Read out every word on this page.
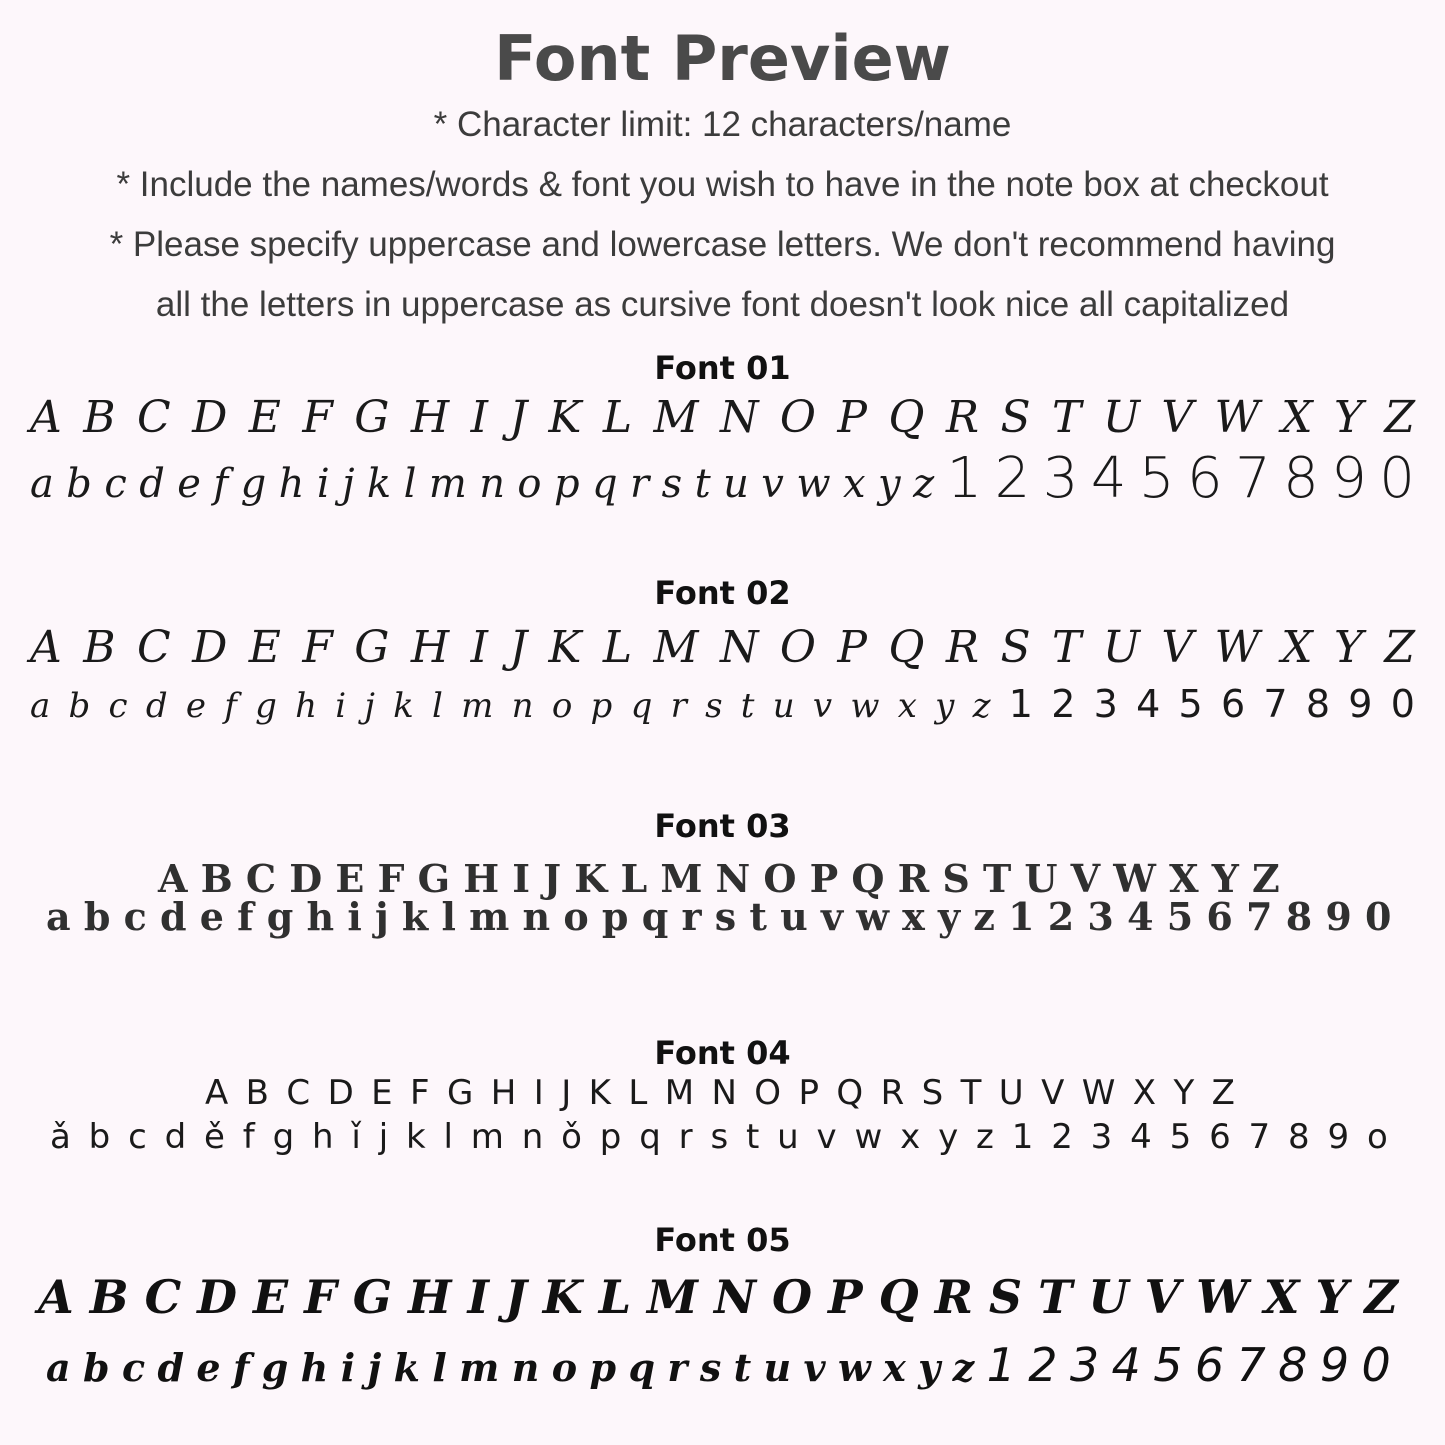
Font Preview
* Character limit: 12 characters/name
* Include the names/words & font you wish to have in the note box at checkout
* Please specify uppercase and lowercase letters. We don't recommend having
all the letters in uppercase as cursive font doesn't look nice all capitalized
Font 01
A B C D E F G H I J K L M N O P Q R S T U V W X Y Z
a b c d e f g h i j k l m n o p q r s t u v w x y z 1 2 3 4 5 6 7 8 9 0
Font 02
A B C D E F G H I J K L M N O P Q R S T U V W X Y Z
a b c d e f g h i j k l m n o p q r s t u v w x y z 1 2 3 4 5 6 7 8 9 0
Font 03
A B C D E F G H I J K L M N O P Q R S T U V W X Y Z
a b c d e f g h i j k l m n o p q r s t u v w x y z 1 2 3 4 5 6 7 8 9 0
Font 04
A B C D E F G H I J K L M N O P Q R S T U V W X Y Z
ǎ b c d ě f g h ǐ j k l m n ǒ p q r s t u v w x y z 1 2 3 4 5 6 7 8 9 o
Font 05
A B C D E F G H I J K L M N O P Q R S T U V W X Y Z
a b c d e f g h i j k l m n o p q r s t u v w x y z 1 2 3 4 5 6 7 8 9 0
